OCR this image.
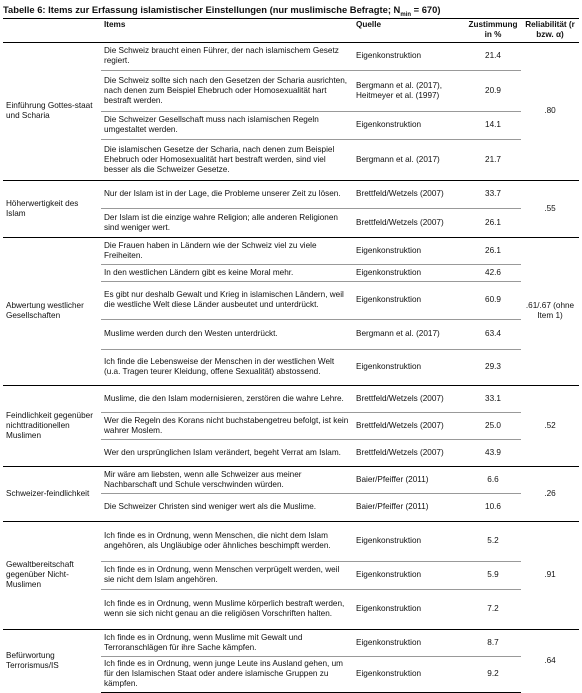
Tabelle 6: Items zur Erfassung islamistischer Einstellungen (nur muslimische Befragte; $N_{min} = 670$)
	Items	Quelle	Zustimmung in %	Reliabilität (r bzw. α)
Einführung Gottes-staat und Scharia	Die Schweiz braucht einen Führer, der nach islamischem Gesetz regiert.	Eigenkonstruktion	21.4	.80
	Die Schweiz sollte sich nach den Gesetzen der Scharia ausrichten, nach denen zum Beispiel Ehebruch oder Homosexualität hart bestraft werden.	Bergmann et al. (2017), Heitmeyer et al. (1997)	20.9	
	Die Schweizer Gesellschaft muss nach islamischen Regeln umgestaltet werden.	Eigenkonstruktion	14.1	
	Die islamischen Gesetze der Scharia, nach denen zum Beispiel Ehebruch oder Homosexualität hart bestraft werden, sind viel besser als die Schweizer Gesetze.	Bergmann et al. (2017)	21.7	
Höherwertigkeit des Islam	Nur der Islam ist in der Lage, die Probleme unserer Zeit zu lösen.	Brettfeld/Wetzels (2007)	33.7	.55
	Der Islam ist die einzige wahre Religion; alle anderen Religionen sind weniger wert.	Brettfeld/Wetzels (2007)	26.1	
Abwertung westlicher Gesellschaften	Die Frauen haben in Ländern wie der Schweiz viel zu viele Freiheiten.	Eigenkonstruktion	26.1	.61/.67 (ohne Item 1)
	In den westlichen Ländern gibt es keine Moral mehr.	Eigenkonstruktion	42.6	
	Es gibt nur deshalb Gewalt und Krieg in islamischen Ländern, weil die westliche Welt diese Länder ausbeutet und unterdrückt.	Eigenkonstruktion	60.9	
	Muslime werden durch den Westen unterdrückt.	Bergmann et al. (2017)	63.4	
	Ich finde die Lebensweise der Menschen in der westlichen Welt (u.a. Tragen teurer Kleidung, offene Sexualität) abstossend.	Eigenkonstruktion	29.3	
Feindlichkeit gegenüber nichttraditionellen Muslimen	Muslime, die den Islam modernisieren, zerstören die wahre Lehre.	Brettfeld/Wetzels (2007)	33.1	.52
	Wer die Regeln des Korans nicht buchstabengetreu befolgt, ist kein wahrer Moslem.	Brettfeld/Wetzels (2007)	25.0	
	Wer den ursprünglichen Islam verändert, begeht Verrat am Islam.	Brettfeld/Wetzels (2007)	43.9	
Schweizer-feindlichkeit	Mir wäre am liebsten, wenn alle Schweizer aus meiner Nachbarschaft und Schule verschwinden würden.	Baier/Pfeiffer (2011)	6.6	.26
	Die Schweizer Christen sind weniger wert als die Muslime.	Baier/Pfeiffer (2011)	10.6	
Gewaltbereitschaft gegenüber Nicht-Muslimen	Ich finde es in Ordnung, wenn Menschen, die nicht dem Islam angehören, als Ungläubige oder ähnliches beschimpft werden.	Eigenkonstruktion	5.2	.91
	Ich finde es in Ordnung, wenn Menschen verprügelt werden, weil sie nicht dem Islam angehören.	Eigenkonstruktion	5.9	
	Ich finde es in Ordnung, wenn Muslime körperlich bestraft werden, wenn sie sich nicht genau an die religiösen Vorschriften halten.	Eigenkonstruktion	7.2	
Befürwortung Terrorismus/IS	Ich finde es in Ordnung, wenn Muslime mit Gewalt und Terroranschlägen für ihre Sache kämpfen.	Eigenkonstruktion	8.7	.64
	Ich finde es in Ordnung, wenn junge Leute ins Ausland gehen, um für den Islamischen Staat oder andere islamische Gruppen zu kämpfen.	Eigenkonstruktion	9.2	
